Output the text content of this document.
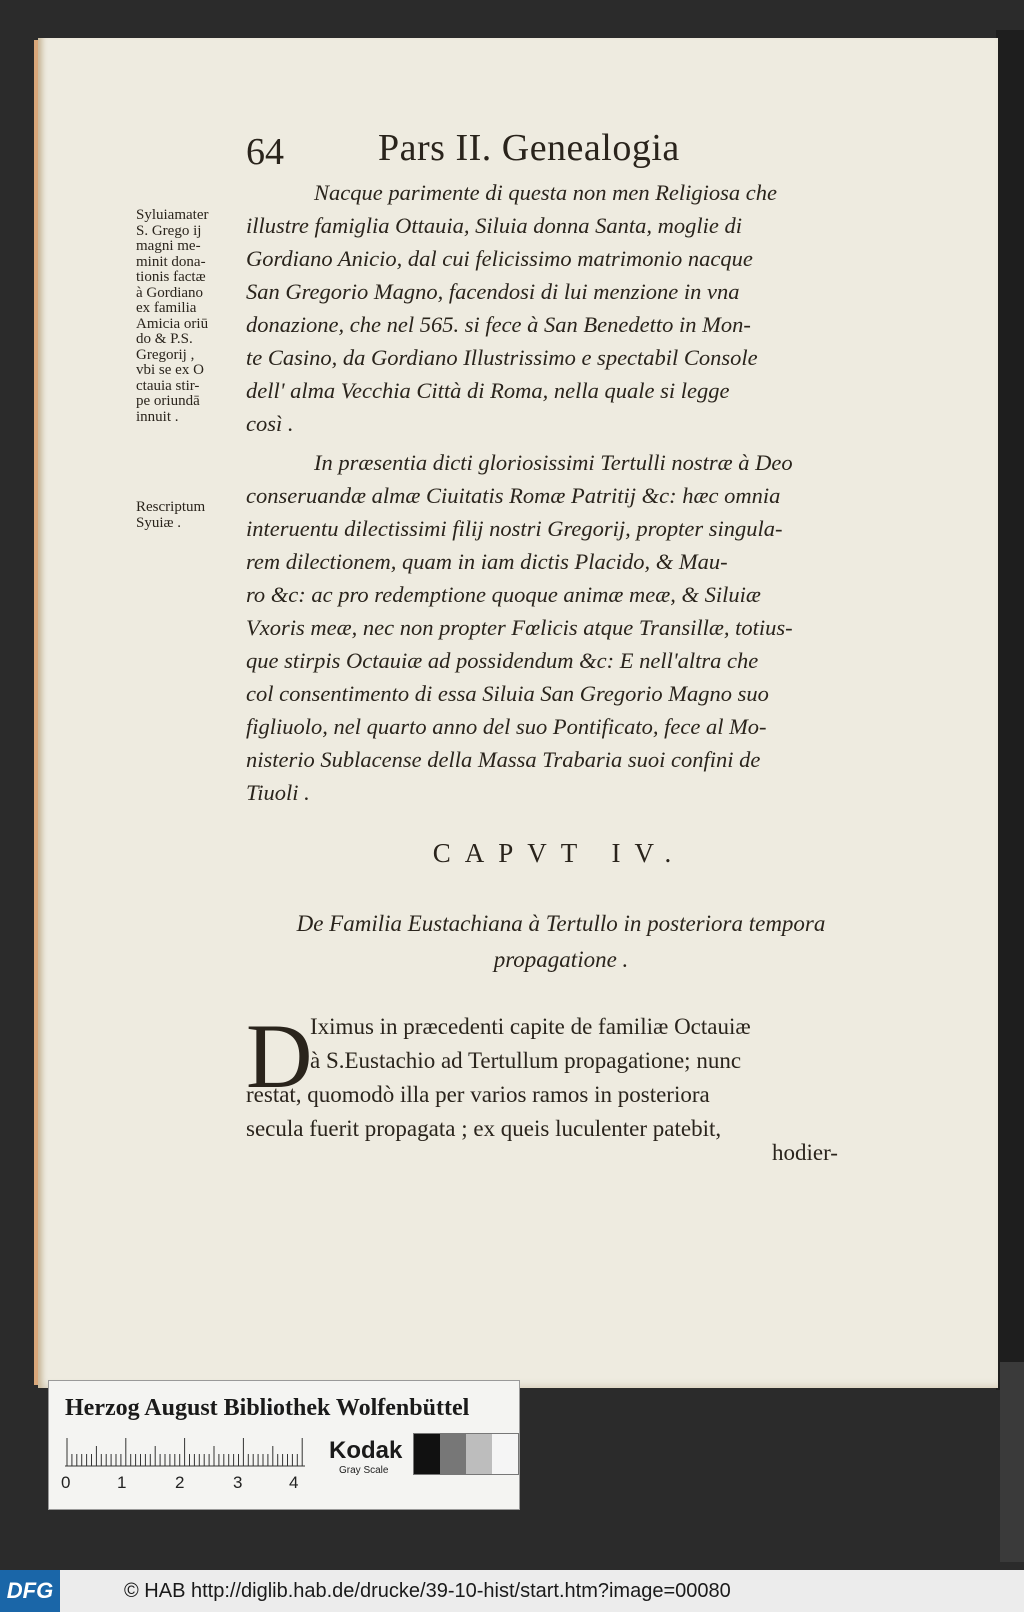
64 Pars II. Genealogia
Syluiamater
S. Grego ij
magni me-
minit dona-
tionis factæ
à Gordiano
ex familia
Amicia oriū
do & P.S.
Gregorij ,
vbi se ex O
ctauia stir-
pe oriundā
innuit .
Rescriptum
Syuiæ .
Nacque parimente di questa non men Religiosa che
illustre famiglia Ottauia, Siluia donna Santa, moglie di
Gordiano Anicio, dal cui felicissimo matrimonio nacque
San Gregorio Magno, facendosi di lui menzione in vna
donazione, che nel 565. si fece à San Benedetto in Mon-
te Casino, da Gordiano Illustrissimo e spectabil Console
dell' alma Vecchia Città di Roma, nella quale si legge
così .
In præsentia dicti gloriosissimi Tertulli nostræ à Deo
conseruandæ almæ Ciuitatis Romæ Patritij &c: hæc omnia
interuentu dilectissimi filij nostri Gregorij, propter singula-
rem dilectionem, quam in iam dictis Placido, & Mau-
ro &c: ac pro redemptione quoque animæ meæ, & Siluiæ
Vxoris meæ, nec non propter Fœlicis atque Transillæ, totius-
que stirpis Octauiæ ad possidendum &c: E nell'altra che
col consentimento di essa Siluia San Gregorio Magno suo
figliuolo, nel quarto anno del suo Pontificato, fece al Mo-
nisterio Sublacense della Massa Trabaria suoi confini de
Tiuoli .
CAPVT IV.
De Familia Eustachiana à Tertullo in posteriora tempora
propagatione .
D
Iximus in præcedenti capite de familiæ Octauiæ
à S.Eustachio ad Tertullum propagatione; nunc
restat, quomodò illa per varios ramos in posteriora
secula fuerit propagata ; ex queis luculenter patebit,
hodier-
Herzog August Bibliothek Wolfenbüttel
0	1	2	3	4
Kodak
Gray Scale
DFG	© HAB http://diglib.hab.de/drucke/39-10-hist/start.htm?image=00080
